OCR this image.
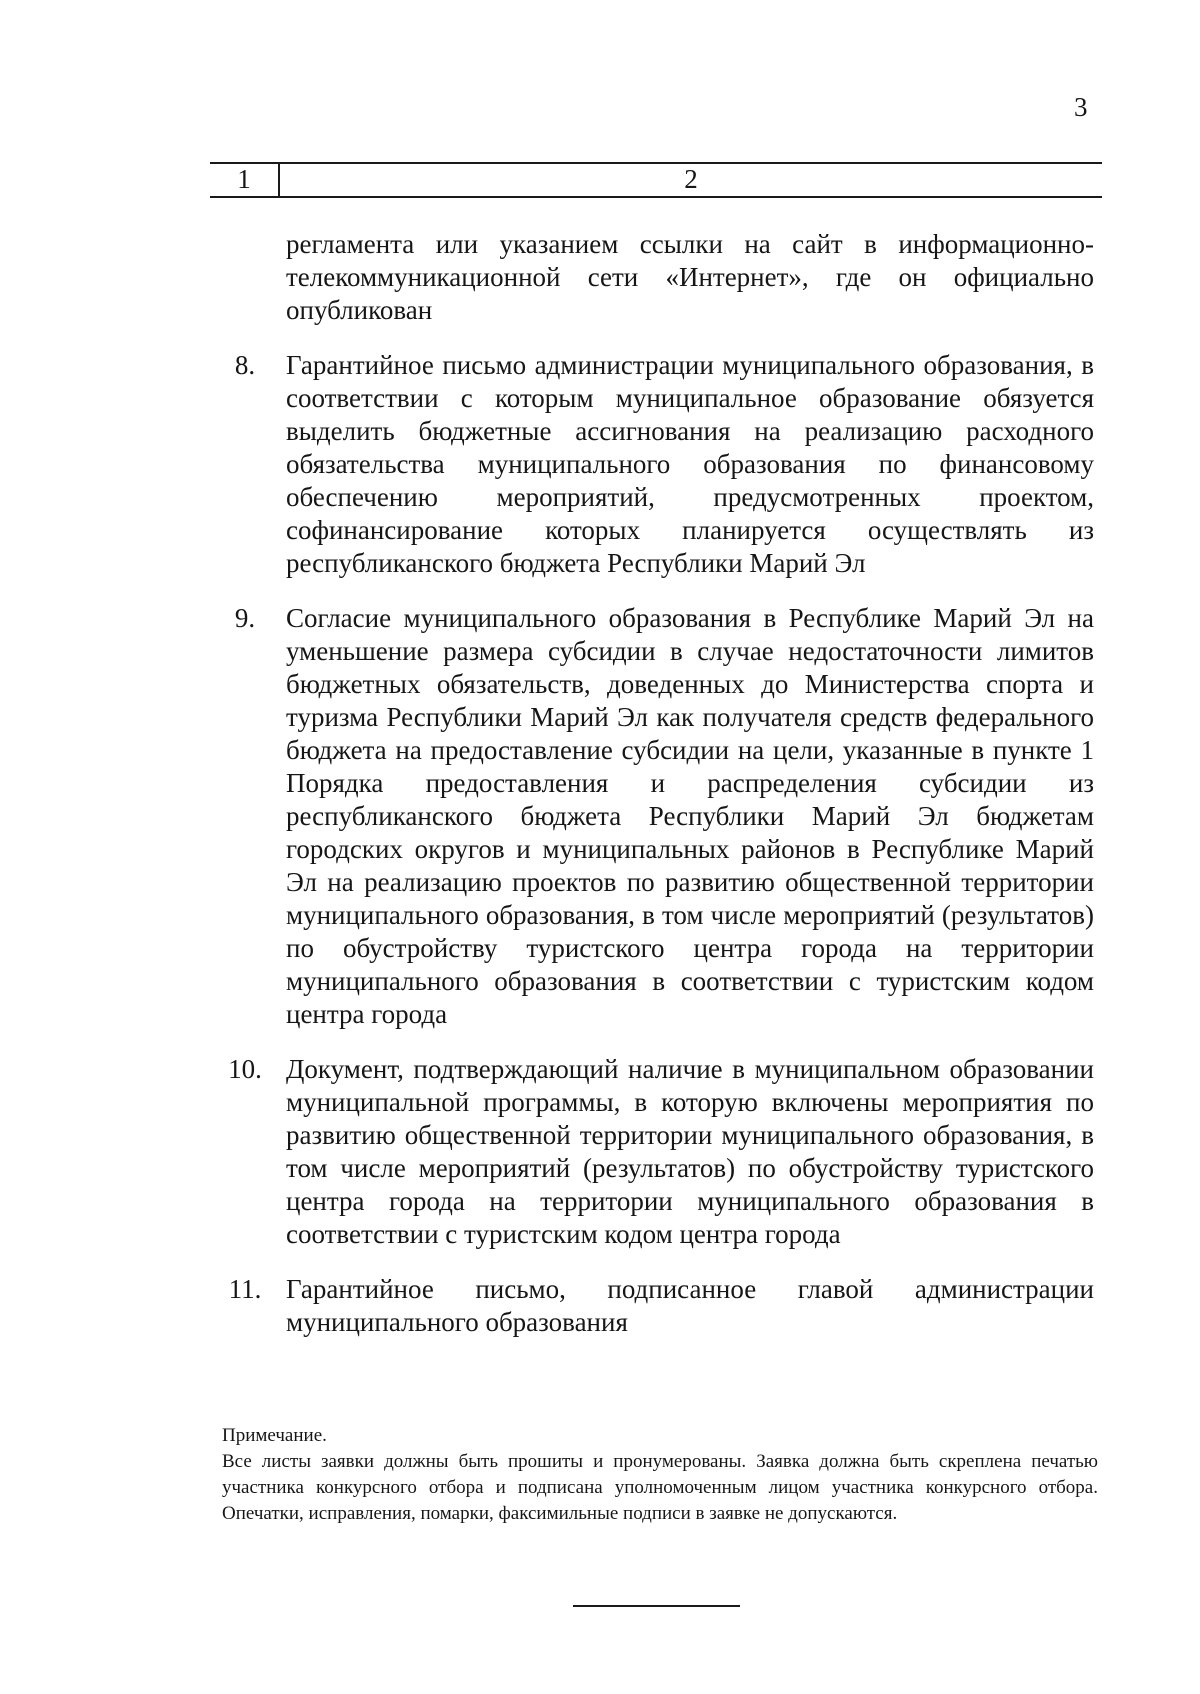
3
1	2
регламента или указанием ссылки на сайт в информационно-телекоммуникационной сети «Интернет», где он официально опубликован
8.	Гарантийное письмо администрации муниципального образования, в соответствии с которым муниципальное образование обязуется выделить бюджетные ассигнования на реализацию расходного обязательства муниципального образования по финансовому обеспечению мероприятий, предусмотренных проектом, софинансирование которых планируется осуществлять из республиканского бюджета Республики Марий Эл
9.	Согласие муниципального образования в Республике Марий Эл на уменьшение размера субсидии в случае недостаточности лимитов бюджетных обязательств, доведенных до Министерства спорта и туризма Республики Марий Эл как получателя средств федерального бюджета на предоставление субсидии на цели, указанные в пункте 1 Порядка предоставления и распределения субсидии из республиканского бюджета Республики Марий Эл бюджетам городских округов и муниципальных районов в Республике Марий Эл на реализацию проектов по развитию общественной территории муниципального образования, в том числе мероприятий (результатов) по обустройству туристского центра города на территории муниципального образования в соответствии с туристским кодом центра города
10. Документ, подтверждающий наличие в муниципальном образовании муниципальной программы, в которую включены мероприятия по развитию общественной территории муниципального образования, в том числе мероприятий (результатов) по обустройству туристского центра города на территории муниципального образования в соответствии с туристским кодом центра города
11. Гарантийное письмо, подписанное главой администрации муниципального образования

Примечание.

Все листы заявки должны быть прошиты и пронумерованы. Заявка должна быть скреплена печатью участника конкурсного отбора и подписана уполномоченным лицом участника конкурсного отбора. Опечатки, исправления, помарки, факсимильные подписи в заявке не допускаются.
